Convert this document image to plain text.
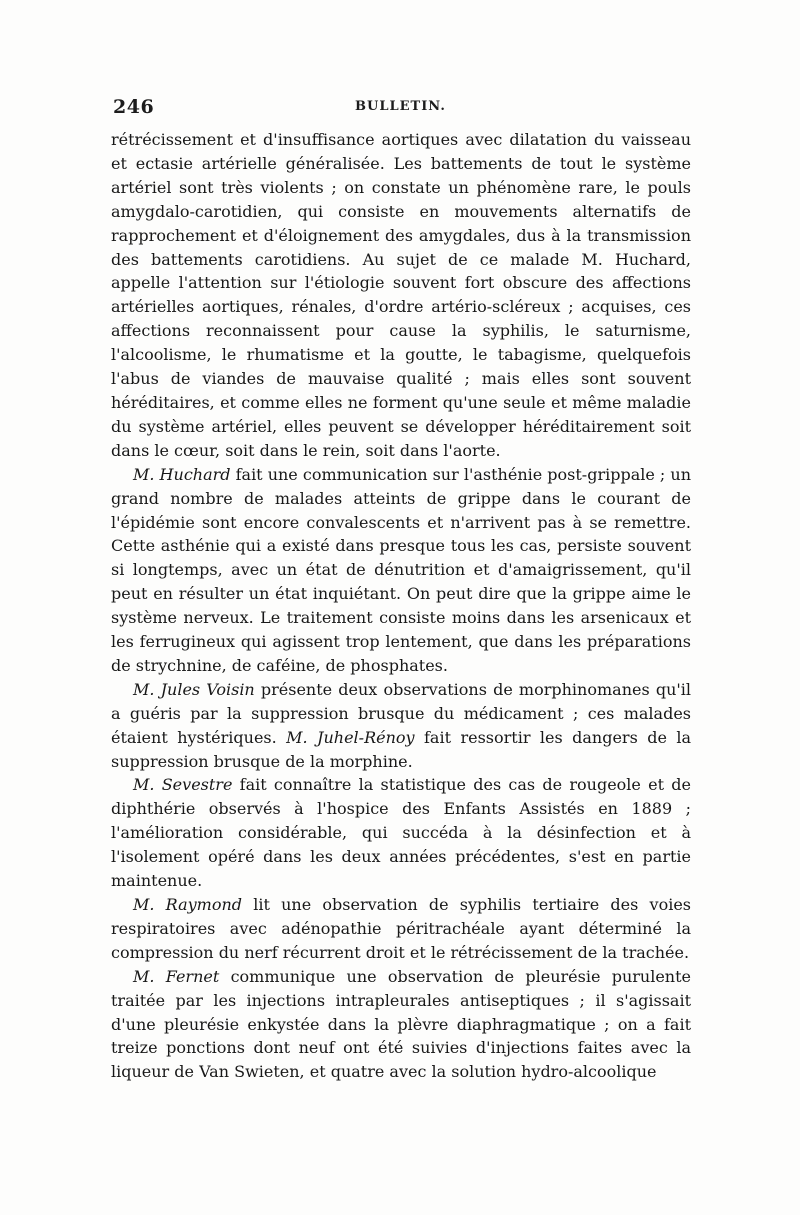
246	BULLETIN.

rétrécissement et d'insuffisance aortiques avec dilatation du vaisseau et ectasie artérielle généralisée. Les battements de tout le système artériel sont très violents ; on constate un phénomène rare, le pouls amygdalo-carotidien, qui consiste en mouvements alternatifs de rapprochement et d'éloignement des amygdales, dus à la transmission des battements carotidiens. Au sujet de ce malade M. Huchard, appelle l'attention sur l'étiologie souvent fort obscure des affections artérielles aortiques, rénales, d'ordre artério-scléreux ; acquises, ces affections reconnaissent pour cause la syphilis, le saturnisme, l'alcoolisme, le rhumatisme et la goutte, le tabagisme, quelquefois l'abus de viandes de mauvaise qualité ; mais elles sont souvent héréditaires, et comme elles ne forment qu'une seule et même maladie du système artériel, elles peuvent se développer héréditairement soit dans le cœur, soit dans le rein, soit dans l'aorte.

M. Huchard fait une communication sur l'asthénie post-grippale ; un grand nombre de malades atteints de grippe dans le courant de l'épidémie sont encore convalescents et n'arrivent pas à se remettre. Cette asthénie qui a existé dans presque tous les cas, persiste souvent si longtemps, avec un état de dénutrition et d'amaigrissement, qu'il peut en résulter un état inquiétant. On peut dire que la grippe aime le système nerveux. Le traitement consiste moins dans les arsenicaux et les ferrugineux qui agissent trop lentement, que dans les préparations de strychnine, de caféine, de phosphates.

M. Jules Voisin présente deux observations de morphinomanes qu'il a guéris par la suppression brusque du médicament ; ces malades étaient hystériques. M. Juhel-Rénoy fait ressortir les dangers de la suppression brusque de la morphine.

M. Sevestre fait connaître la statistique des cas de rougeole et de diphthérie observés à l'hospice des Enfants Assistés en 1889 ; l'amélioration considérable, qui succéda à la désinfection et à l'isolement opéré dans les deux années précédentes, s'est en partie maintenue.

M. Raymond lit une observation de syphilis tertiaire des voies respiratoires avec adénopathie péritrachéale ayant déterminé la compression du nerf récurrent droit et le rétrécissement de la trachée.

M. Fernet communique une observation de pleurésie purulente traitée par les injections intrapleurales antiseptiques ; il s'agissait d'une pleurésie enkystée dans la plèvre diaphragmatique ; on a fait treize ponctions dont neuf ont été suivies d'injections faites avec la liqueur de Van Swieten, et quatre avec la solution hydro-alcoolique
